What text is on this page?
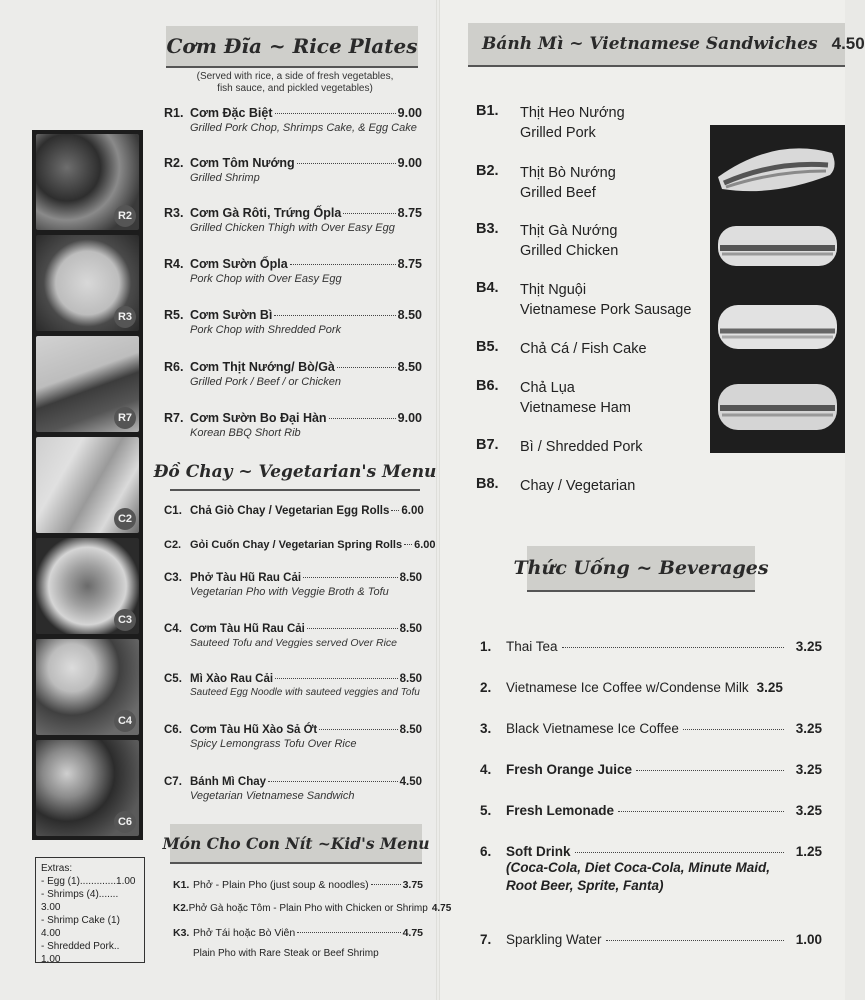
Cơm Đĩa ~ Rice Plates
(Served with rice, a side of fresh vegetables,
fish sauce, and pickled vegetables)
R1. Cơm Đặc Biệt	9.00
Grilled Pork Chop, Shrimps Cake, & Egg Cake
R2. Cơm Tôm Nướng	9.00
Grilled Shrimp
R3. Cơm Gà Rôti, Trứng Ốpla	8.75
Grilled Chicken Thigh with Over Easy Egg
R4. Cơm Sườn Ốpla	8.75
Pork Chop with Over Easy Egg
R5. Cơm Sườn Bì	8.50
Pork Chop with Shredded Pork
R6. Cơm Thịt Nướng/ Bò/Gà	8.50
Grilled Pork / Beef / or Chicken
R7. Cơm Sườn Bo Đại Hàn	9.00
Korean BBQ Short Rib
Đồ Chay ~ Vegetarian's Menu
C1. Chả Giò Chay / Vegetarian Egg Rolls 6.00
C2. Gỏi Cuốn Chay / Vegetarian Spring Rolls 6.00
C3. Phở Tàu Hũ Rau Cải	8.50
Vegetarian Pho with Veggie Broth & Tofu
C4. Cơm Tàu Hũ Rau Cải	8.50
Sauteed Tofu and Veggies served Over Rice
C5. Mì Xào Rau Cải	8.50
Sauteed Egg Noodle with sauteed veggies and Tofu
C6. Cơm Tàu Hũ Xào Sả Ớt	8.50
Spicy Lemongrass Tofu Over Rice
C7. Bánh Mì Chay	4.50
Vegetarian Vietnamese Sandwich
R2
R3
R7
C2
C3
C4
C6
Extras:
- Egg (1).............1.00
- Shrimps (4)....... 3.00
- Shrimp Cake (1) 4.00
- Shredded Pork.. 1.00
Món Cho Con Nít ~Kid's Menu
K1. Phở - Plain Pho (just soup & noodles)	3.75
K2. Phở Gà hoặc Tôm - Plain Pho with Chicken or Shrimp 4.75
K3. Phở Tái hoặc Bò Viên	4.75
Plain Pho with Rare Steak or Beef Shrimp
Bánh Mì ~ Vietnamese Sandwiches 4.50
B1. Thịt Heo Nướng
Grilled Pork
B2. Thịt Bò Nướng
Grilled Beef
B3. Thịt Gà Nướng
Grilled Chicken
B4. Thịt Nguội
Vietnamese Pork Sausage
B5. Chả Cá / Fish Cake
B6. Chả Lụa
Vietnamese Ham
B7. Bì / Shredded Pork
B8. Chay / Vegetarian
Thức Uống ~ Beverages
1.	Thai Tea	3.25
2.	Vietnamese Ice Coffee w/Condense Milk 3.25
3.	Black Vietnamese Ice Coffee	3.25
4.	Fresh Orange Juice	3.25
5.	Fresh Lemonade	3.25
6.	Soft Drink	1.25
(Coca-Cola, Diet Coca-Cola, Minute Maid,
Root Beer, Sprite, Fanta)
7.	Sparkling Water	1.00
